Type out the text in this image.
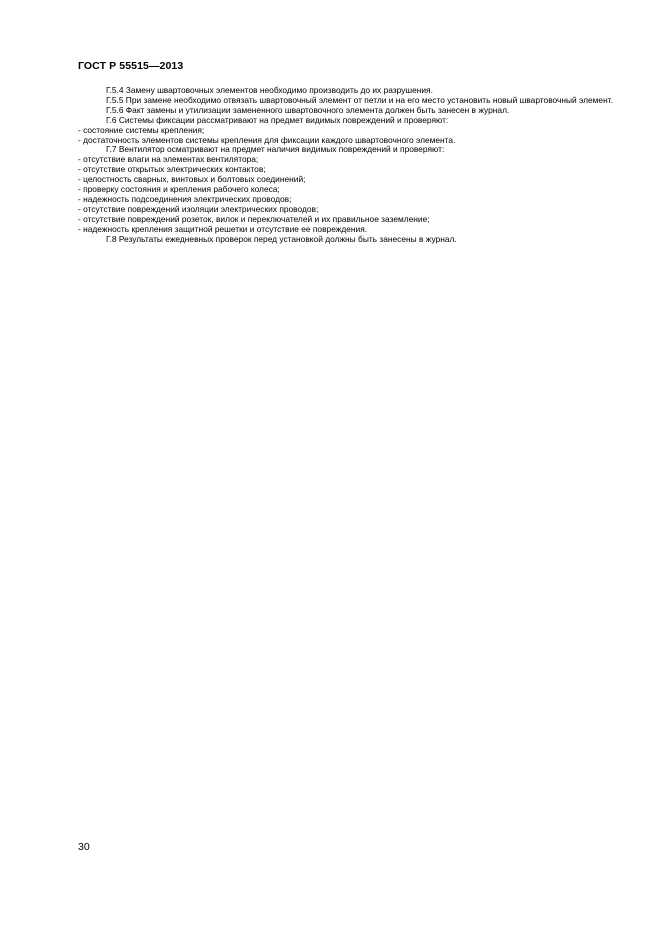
ГОСТ Р 55515—2013

Г.5.4 Замену швартовочных элементов необходимо производить до их разрушения.

Г.5.5 При замене необходимо отвязать швартовочный элемент от петли и на его место установить новый швартовочный элемент.

Г.5.6 Факт замены и утилизации замененного швартовочного элемента должен быть занесен в журнал.

Г.6 Системы фиксации рассматривают на предмет видимых повреждений и проверяют:

- состояние системы крепления;

- достаточность элементов системы крепления для фиксации каждого швартовочного элемента.

Г.7 Вентилятор осматривают на предмет наличия видимых повреждений и проверяют:

- отсутствие влаги на элементах вентилятора;

- отсутствие открытых электрических контактов;

- целостность сварных, винтовых и болтовых соединений;

- проверку состояния и крепления рабочего колеса;

- надежность подсоединения электрических проводов;

- отсутствие повреждений изоляции электрических проводов;

- отсутствие повреждений розеток, вилок и переключателей и их правильное заземление;

- надежность крепления защитной решетки и отсутствие ее повреждения.

Г.8 Результаты ежедневных проверок перед установкой должны быть занесены в журнал.

30
